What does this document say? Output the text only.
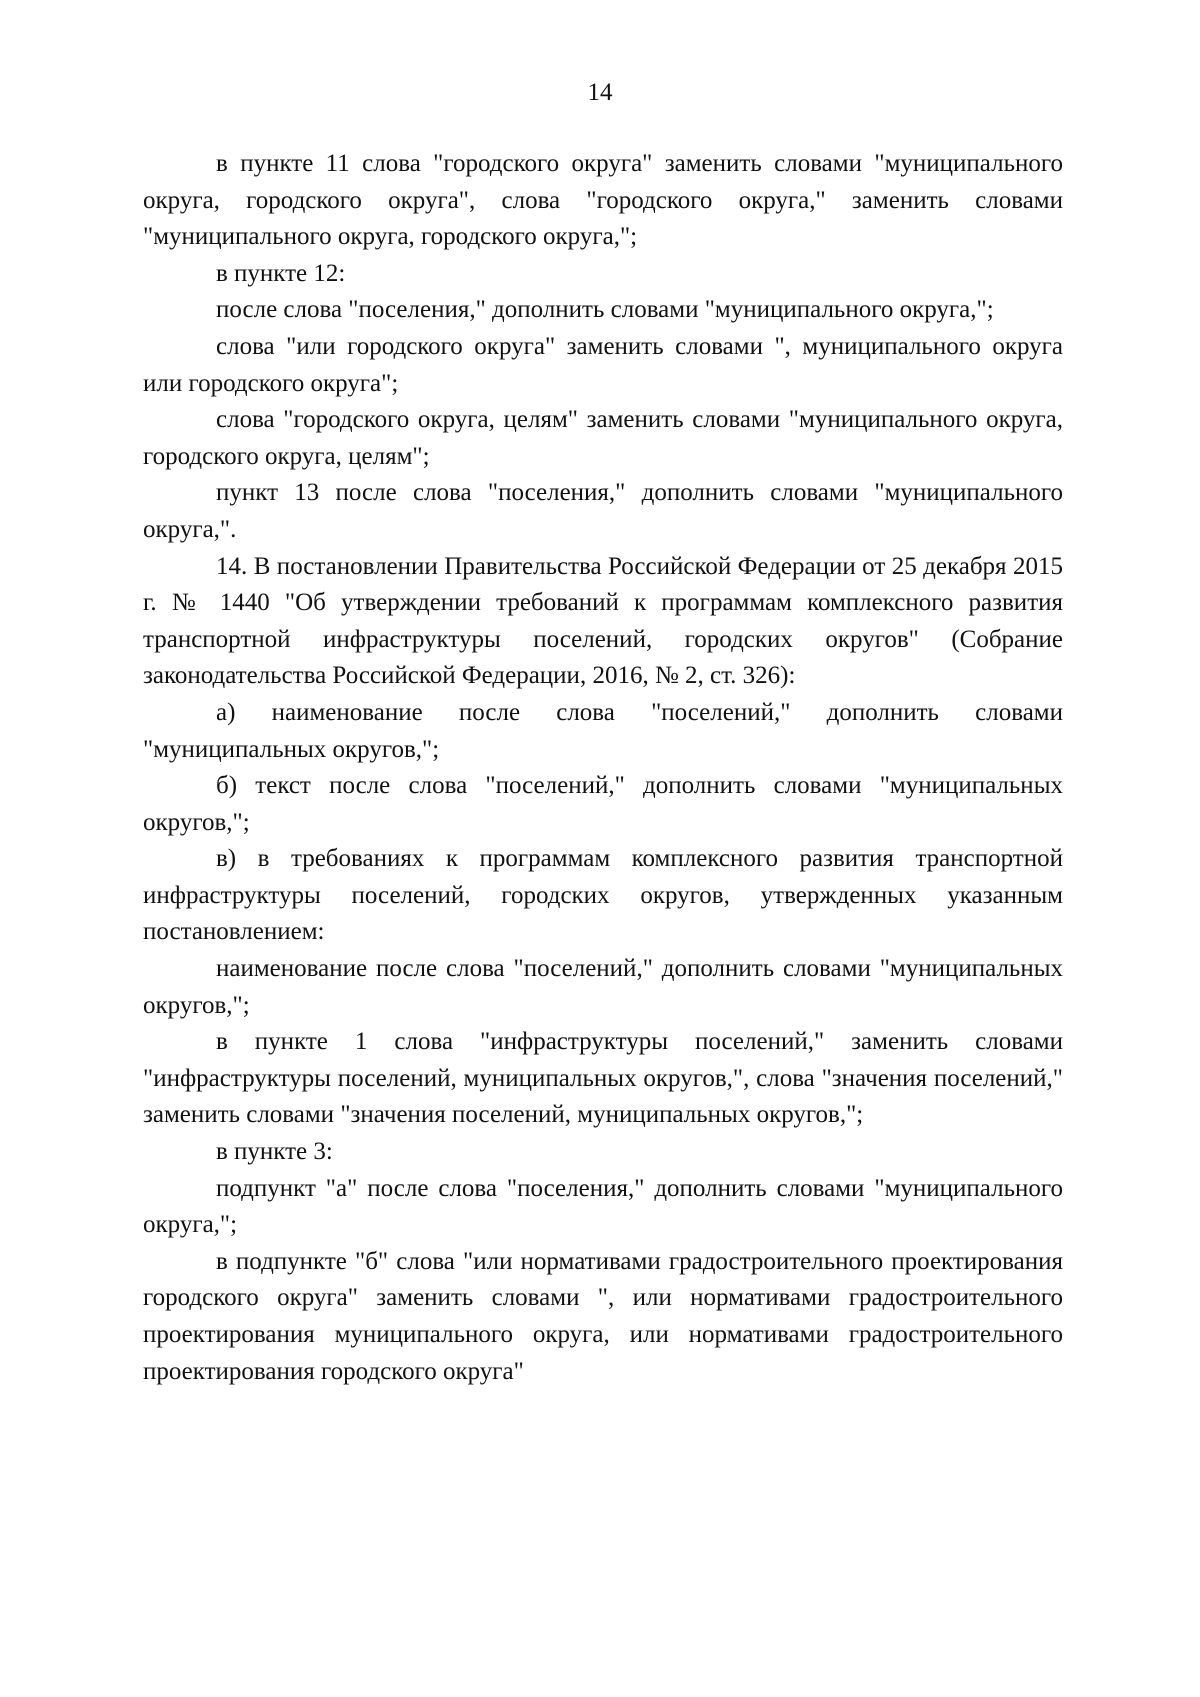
14

в пункте 11 слова "городского округа" заменить словами "муниципального округа, городского округа", слова "городского округа," заменить словами "муниципального округа, городского округа,";

в пункте 12:

после слова "поселения," дополнить словами "муниципального округа,";

слова "или городского округа" заменить словами ", муниципального округа или городского округа";

слова "городского округа, целям" заменить словами "муниципального округа, городского округа, целям";

пункт 13 после слова "поселения," дополнить словами "муниципального округа,".

14. В постановлении Правительства Российской Федерации от 25 декабря 2015 г. № 1440 "Об утверждении требований к программам комплексного развития транспортной инфраструктуры поселений, городских округов" (Собрание законодательства Российской Федерации, 2016, № 2, ст. 326):

а) наименование после слова "поселений," дополнить словами "муниципальных округов,";

б) текст после слова "поселений," дополнить словами "муниципальных округов,";

в) в требованиях к программам комплексного развития транспортной инфраструктуры поселений, городских округов, утвержденных указанным постановлением:

наименование после слова "поселений," дополнить словами "муниципальных округов,";

в пункте 1 слова "инфраструктуры поселений," заменить словами "инфраструктуры поселений, муниципальных округов,", слова "значения поселений," заменить словами "значения поселений, муниципальных округов,";

в пункте 3:

подпункт "а" после слова "поселения," дополнить словами "муниципального округа,";

в подпункте "б" слова "или нормативами градостроительного проектирования городского округа" заменить словами ", или нормативами градостроительного проектирования муниципального округа, или нормативами градостроительного проектирования городского округа"
